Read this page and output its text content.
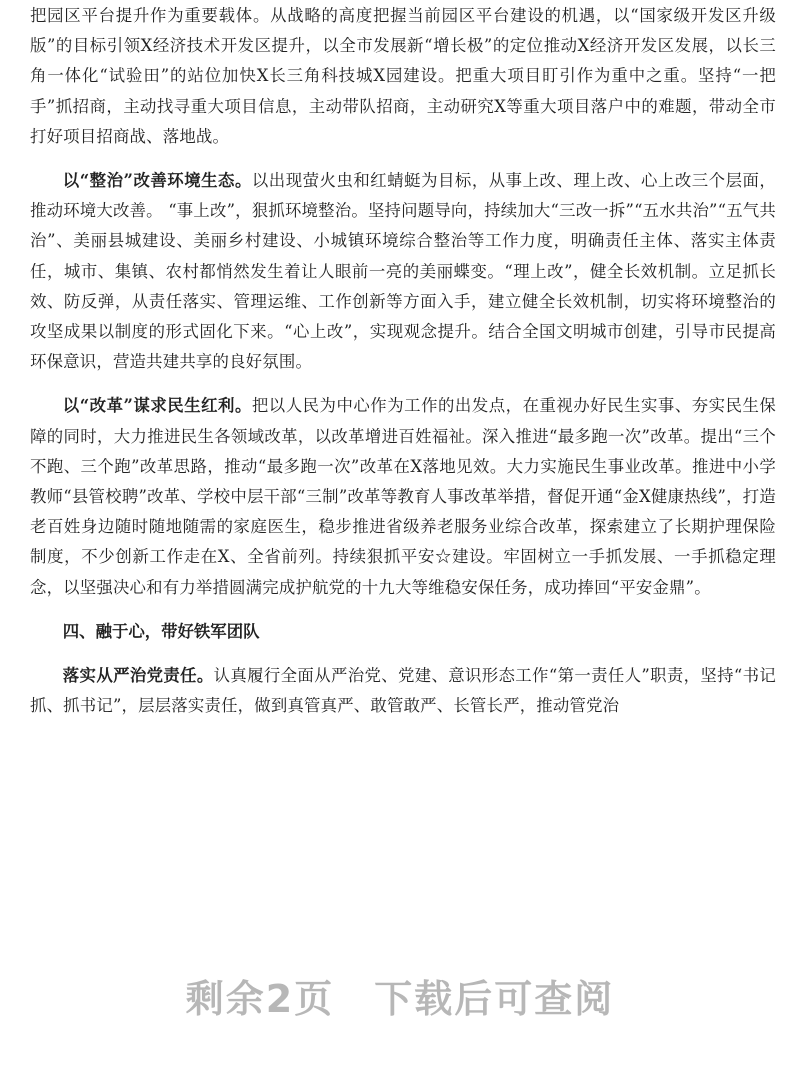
把园区平台提升作为重要载体。从战略的高度把握当前园区平台建设的机遇，以“国家级开发区升级版”的目标引领X经济技术开发区提升，以全市发展新“增长极”的定位推动X经济开发区发展，以长三角一体化“试验田”的站位加快X长三角科技城X园建设。把重大项目盯引作为重中之重。坚持“一把手”抓招商，主动找寻重大项目信息，主动带队招商，主动研究X等重大项目落户中的难题，带动全市打好项目招商战、落地战。

以“整治”改善环境生态。以出现萤火虫和红蜻蜓为目标，从事上改、理上改、心上改三个层面，推动环境大改善。 “事上改”，狠抓环境整治。坚持问题导向，持续加大“三改一拆”“五水共治”“五气共治”、美丽县城建设、美丽乡村建设、小城镇环境综合整治等工作力度，明确责任主体、落实主体责任，城市、集镇、农村都悄然发生着让人眼前一亮的美丽蝶变。“理上改”，健全长效机制。立足抓长效、防反弹，从责任落实、管理运维、工作创新等方面入手，建立健全长效机制，切实将环境整治的攻坚成果以制度的形式固化下来。“心上改”，实现观念提升。结合全国文明城市创建，引导市民提高环保意识，营造共建共享的良好氛围。

以“改革”谋求民生红利。把以人民为中心作为工作的出发点，在重视办好民生实事、夯实民生保障的同时，大力推进民生各领域改革，以改革增进百姓福祉。深入推进“最多跑一次”改革。提出“三个不跑、三个跑”改革思路，推动“最多跑一次”改革在X落地见效。大力实施民生事业改革。推进中小学教师“县管校聘”改革、学校中层干部“三制”改革等教育人事改革举措，督促开通“金X健康热线”，打造老百姓身边随时随地随需的家庭医生，稳步推进省级养老服务业综合改革，探索建立了长期护理保险制度，不少创新工作走在X、全省前列。持续狠抓平安☆建设。牢固树立一手抓发展、一手抓稳定理念，以坚强决心和有力举措圆满完成护航党的十九大等维稳安保任务，成功捧回“平安金鼎”。

四、融于心，带好铁军团队

落实从严治党责任。认真履行全面从严治党、党建、意识形态工作“第一责任人”职责，坚持“书记抓、抓书记”，层层落实责任，做到真管真严、敢管敢严、长管长严，推动管党治

剩余2页　下载后可查阅
